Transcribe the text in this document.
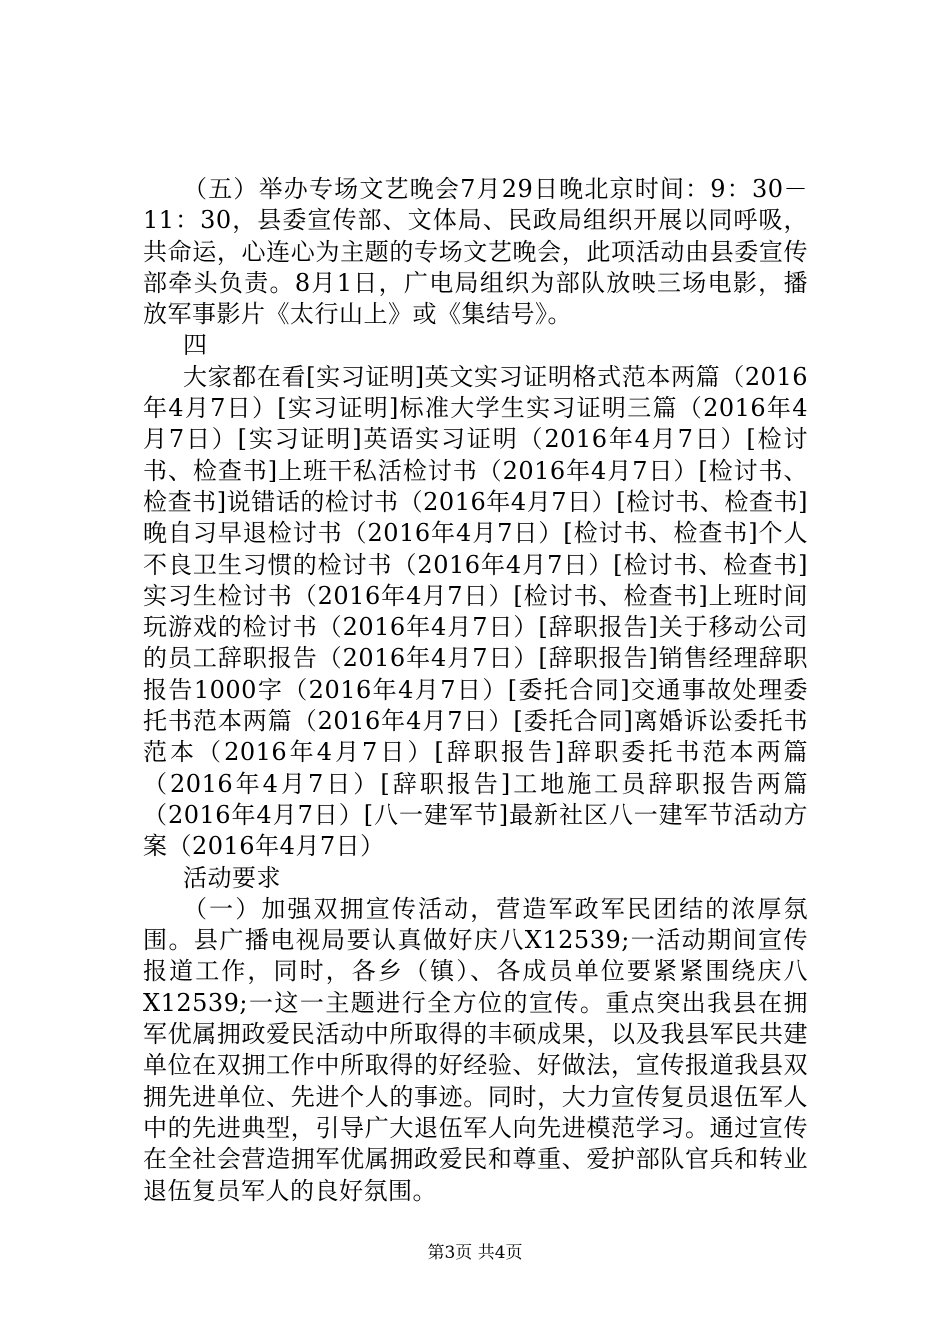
（五）举办专场文艺晚会7月29日晚北京时间：9：30－11：30，县委宣传部、文体局、民政局组织开展以同呼吸，共命运，心连心为主题的专场文艺晚会，此项活动由县委宣传部牵头负责。8月1日，广电局组织为部队放映三场电影，播放军事影片《太行山上》或《集结号》。

四

大家都在看[实习证明]英文实习证明格式范本两篇（2016年4月7日）[实习证明]标准大学生实习证明三篇（2016年4月7日）[实习证明]英语实习证明（2016年4月7日）[检讨书、检查书]上班干私活检讨书（2016年4月7日）[检讨书、检查书]说错话的检讨书（2016年4月7日）[检讨书、检查书]晚自习早退检讨书（2016年4月7日）[检讨书、检查书]个人不良卫生习惯的检讨书（2016年4月7日）[检讨书、检查书]实习生检讨书（2016年4月7日）[检讨书、检查书]上班时间玩游戏的检讨书（2016年4月7日）[辞职报告]关于移动公司的员工辞职报告（2016年4月7日）[辞职报告]销售经理辞职报告1000字（2016年4月7日）[委托合同]交通事故处理委托书范本两篇（2016年4月7日）[委托合同]离婚诉讼委托书范本（2016年4月7日）[辞职报告]辞职委托书范本两篇（2016年4月7日）[辞职报告]工地施工员辞职报告两篇（2016年4月7日）[八一建军节]最新社区八一建军节活动方案（2016年4月7日）

活动要求

（一）加强双拥宣传活动，营造军政军民团结的浓厚氛围。县广播电视局要认真做好庆八X12539;一活动期间宣传报道工作，同时，各乡（镇）、各成员单位要紧紧围绕庆八X12539;一这一主题进行全方位的宣传。重点突出我县在拥军优属拥政爱民活动中所取得的丰硕成果，以及我县军民共建单位在双拥工作中所取得的好经验、好做法，宣传报道我县双拥先进单位、先进个人的事迹。同时，大力宣传复员退伍军人中的先进典型，引导广大退伍军人向先进模范学习。通过宣传在全社会营造拥军优属拥政爱民和尊重、爱护部队官兵和转业退伍复员军人的良好氛围。

第3页 共4页
